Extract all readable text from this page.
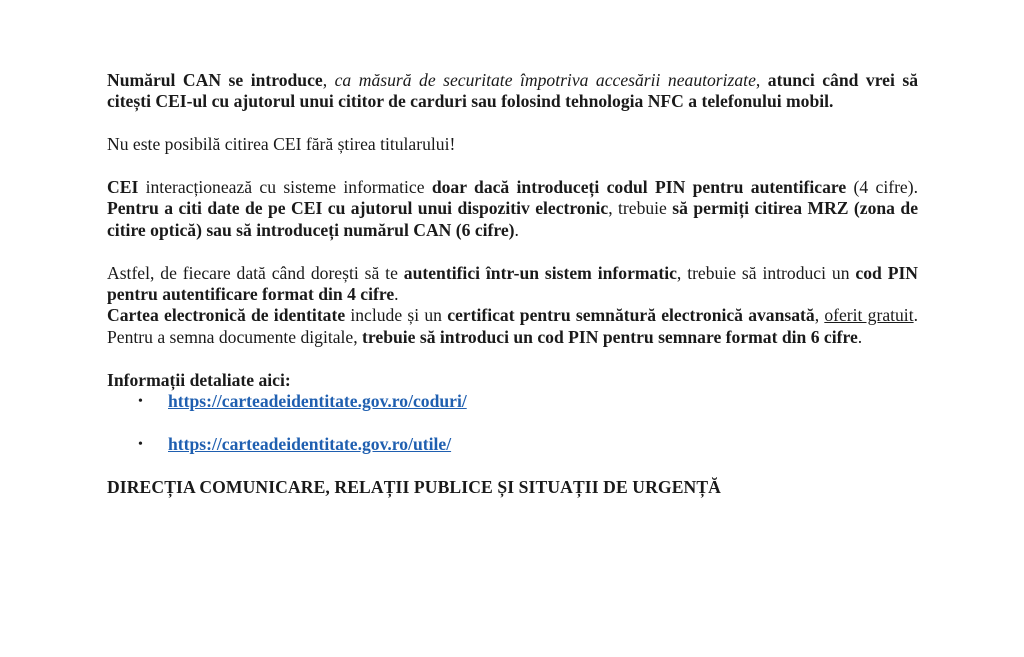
Numărul CAN se introduce, ca măsură de securitate împotriva accesării neautorizate, atunci când vrei să citești CEI-ul cu ajutorul unui cititor de carduri sau folosind tehnologia NFC a telefonului mobil.

Nu este posibilă citirea CEI fără știrea titularului!

CEI interacționează cu sisteme informatice doar dacă introduceți codul PIN pentru autentificare (4 cifre). Pentru a citi date de pe CEI cu ajutorul unui dispozitiv electronic, trebuie să permiți citirea MRZ (zona de citire optică) sau să introduceți numărul CAN (6 cifre).

Astfel, de fiecare dată când dorești să te autentifici într-un sistem informatic, trebuie să introduci un cod PIN pentru autentificare format din 4 cifre.

Cartea electronică de identitate include și un certificat pentru semnătură electronică avansată, oferit gratuit. Pentru a semna documente digitale, trebuie să introduci un cod PIN pentru semnare format din 6 cifre.

Informații detaliate aici:

• https://carteadeidentitate.gov.ro/coduri/
• https://carteadeidentitate.gov.ro/utile/

DIRECȚIA COMUNICARE, RELAȚII PUBLICE ȘI SITUAȚII DE URGENȚĂ
